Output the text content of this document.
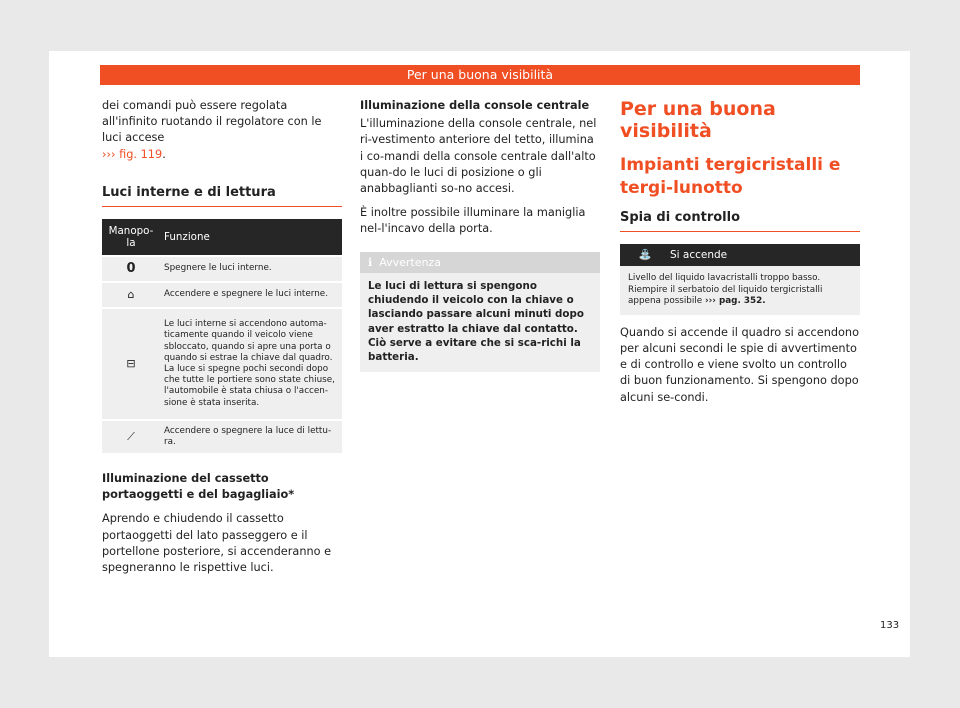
Per una buona visibilità

dei comandi può essere regolata all'infinito ruotando il regolatore con le luci accese
››› fig. 119.

Luci interne e di lettura
Manopo-la	Funzione
0	Spegnere le luci interne.
⌂	Accendere e spegnere le luci interne.
⊟	Le luci interne si accendono automa-ticamente quando il veicolo viene sbloccato, quando si apre una porta o quando si estrae la chiave dal quadro. La luce si spegne pochi secondi dopo che tutte le portiere sono state chiuse, l'automobile è stata chiusa o l'accen-sione è stata inserita.
⟋	Accendere o spegnere la luce di lettu-ra.

Illuminazione del cassetto portaoggetti e del bagagliaio*

Aprendo e chiudendo il cassetto portaoggetti del lato passeggero e il portellone posteriore, si accenderanno e spegneranno le rispettive luci.

Illuminazione della console centrale

L'illuminazione della console centrale, nel ri-vestimento anteriore del tetto, illumina i co-mandi della console centrale dall'alto quan-do le luci di posizione o gli anabbaglianti so-no accesi.

È inoltre possibile illuminare la maniglia nel-l'incavo della porta.

ℹ Avvertenza
Le luci di lettura si spengono chiudendo il veicolo con la chiave o lasciando passare alcuni minuti dopo aver estratto la chiave dal contatto. Ciò serve a evitare che si sca-richi la batteria.
Per una buona visibilità
Impianti tergicristalli e tergi-lunotto
Spia di controllo
⛲	Si accende
Livello del liquido lavacristalli troppo basso. Riempire il serbatoio del liquido tergicristalli appena possibile ››› pag. 352.

Quando si accende il quadro si accendono per alcuni secondi le spie di avvertimento e di controllo e viene svolto un controllo di buon funzionamento. Si spengono dopo alcuni se-condi.

133
